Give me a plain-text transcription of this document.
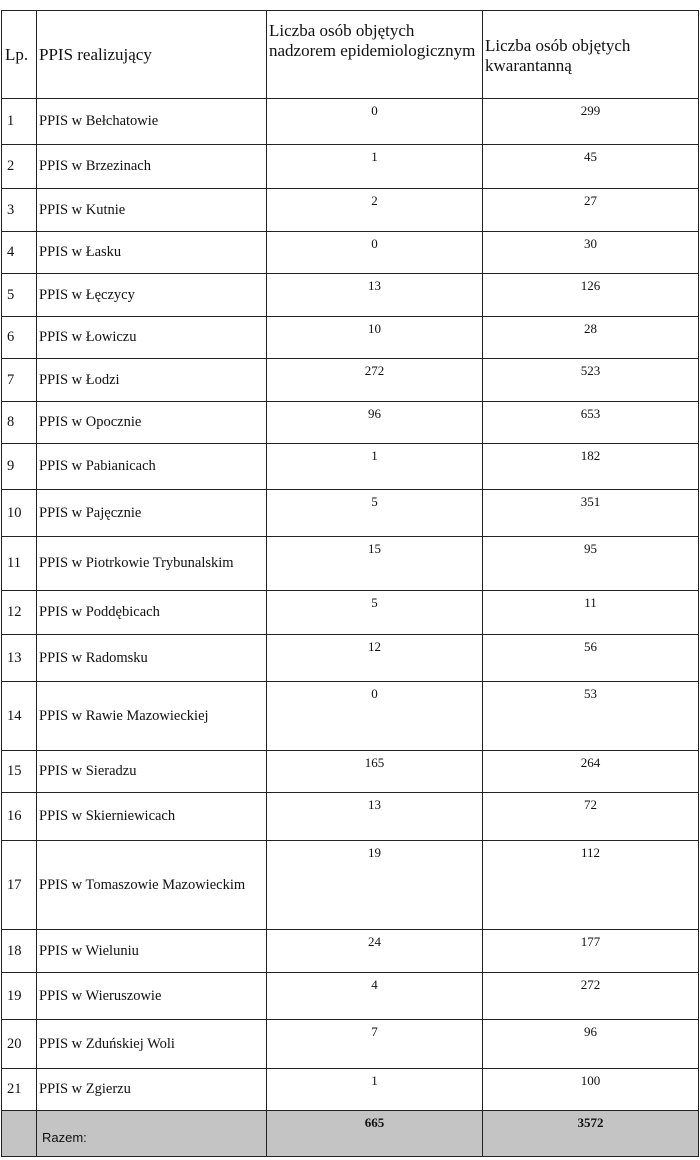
Lp.	PPIS realizujący	Liczba osób objętych nadzorem epidemiologicznym	Liczba osób objętych kwarantanną
1	PPIS w Bełchatowie	0	299
2	PPIS w Brzezinach	1	45
3	PPIS w Kutnie	2	27
4	PPIS w Łasku	0	30
5	PPIS w Łęczycy	13	126
6	PPIS w Łowiczu	10	28
7	PPIS w Łodzi	272	523
8	PPIS w Opocznie	96	653
9	PPIS w Pabianicach	1	182
10	PPIS w Pajęcznie	5	351
11	PPIS w Piotrkowie Trybunalskim	15	95
12	PPIS w Poddębicach	5	11
13	PPIS w Radomsku	12	56
14	PPIS w Rawie Mazowieckiej	0	53
15	PPIS w Sieradzu	165	264
16	PPIS w Skierniewicach	13	72
17	PPIS w Tomaszowie Mazowieckim	19	112
18	PPIS w Wieluniu	24	177
19	PPIS w Wieruszowie	4	272
20	PPIS w Zduńskiej Woli	7	96
21	PPIS w Zgierzu	1	100
	Razem:	665	3572
